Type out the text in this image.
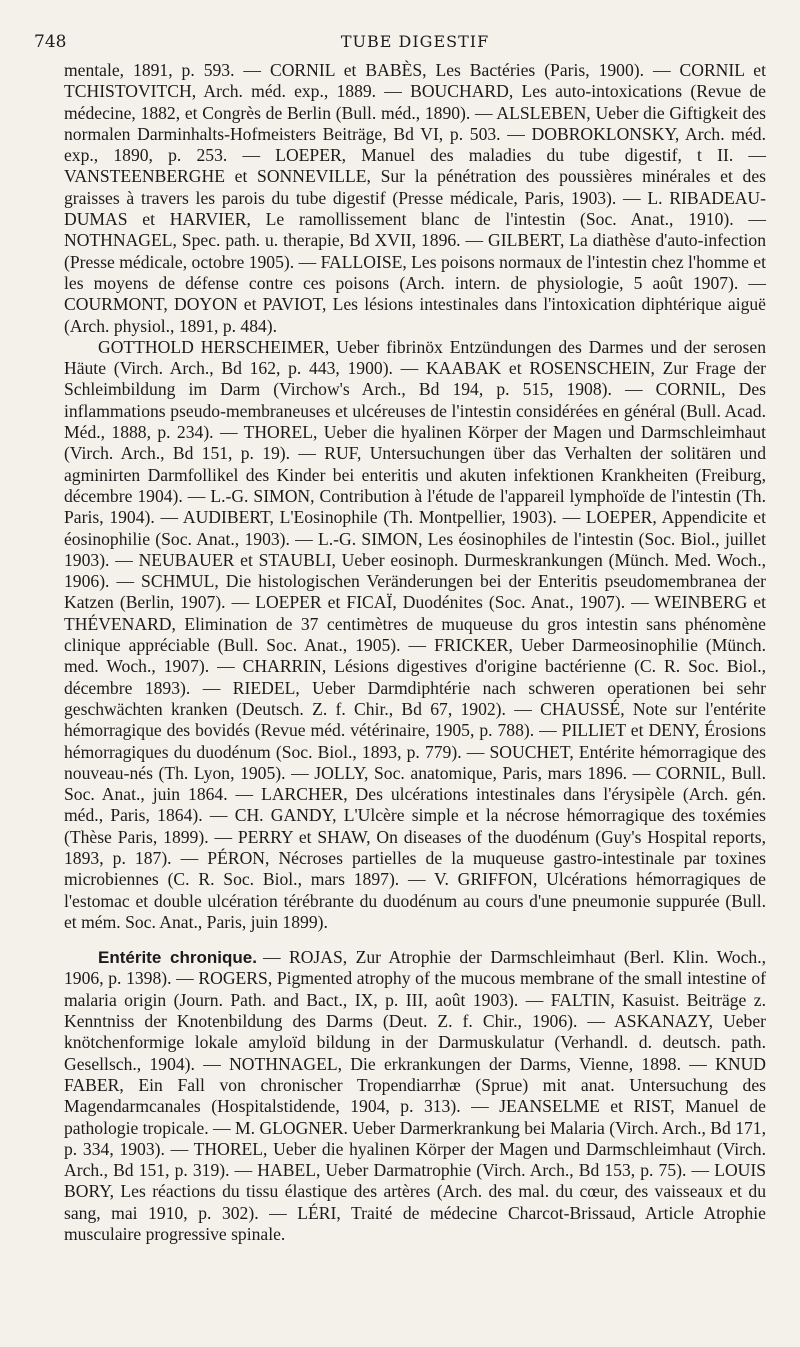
748	TUBE DIGESTIF

mentale, 1891, p. 593. — CORNIL et BABÈS, Les Bactéries (Paris, 1900). — CORNIL et TCHISTOVITCH, Arch. méd. exp., 1889. — BOUCHARD, Les auto-intoxications (Revue de médecine, 1882, et Congrès de Berlin (Bull. méd., 1890). — ALSLEBEN, Ueber die Giftigkeit des normalen Darminhalts-Hofmeisters Beiträge, Bd VI, p. 503. — DOBROKLONSKY, Arch. méd. exp., 1890, p. 253. — LOEPER, Manuel des maladies du tube digestif, t II. — VANSTEENBERGHE et SONNEVILLE, Sur la pénétration des poussières minérales et des graisses à travers les parois du tube digestif (Presse médicale, Paris, 1903). — L. RIBADEAU-DUMAS et HARVIER, Le ramollissement blanc de l'intestin (Soc. Anat., 1910). — NOTHNAGEL, Spec. path. u. therapie, Bd XVII, 1896. — GILBERT, La diathèse d'auto-infection (Presse médicale, octobre 1905). — FALLOISE, Les poisons normaux de l'intestin chez l'homme et les moyens de défense contre ces poisons (Arch. intern. de physiologie, 5 août 1907). — COURMONT, DOYON et PAVIOT, Les lésions intestinales dans l'intoxication diphtérique aiguë (Arch. physiol., 1891, p. 484).

GOTTHOLD HERSCHEIMER, Ueber fibrinöx Entzündungen des Darmes und der serosen Häute (Virch. Arch., Bd 162, p. 443, 1900). — KAABAK et ROSENSCHEIN, Zur Frage der Schleimbildung im Darm (Virchow's Arch., Bd 194, p. 515, 1908). — CORNIL, Des inflammations pseudo-membraneuses et ulcéreuses de l'intestin considérées en général (Bull. Acad. Méd., 1888, p. 234). — THOREL, Ueber die hyalinen Körper der Magen und Darmschleimhaut (Virch. Arch., Bd 151, p. 19). — RUF, Untersuchungen über das Verhalten der solitären und agminirten Darmfollikel des Kinder bei enteritis und akuten infektionen Krankheiten (Freiburg, décembre 1904). — L.-G. SIMON, Contribution à l'étude de l'appareil lymphoïde de l'intestin (Th. Paris, 1904). — AUDIBERT, L'Eosinophile (Th. Montpellier, 1903). — LOEPER, Appendicite et éosinophilie (Soc. Anat., 1903). — L.-G. SIMON, Les éosinophiles de l'intestin (Soc. Biol., juillet 1903). — NEUBAUER et STAUBLI, Ueber eosinoph. Durmeskrankungen (Münch. Med. Woch., 1906). — SCHMUL, Die histologischen Veränderungen bei der Enteritis pseudomembranea der Katzen (Berlin, 1907). — LOEPER et FICAÏ, Duodénites (Soc. Anat., 1907). — WEINBERG et THÉVENARD, Elimination de 37 centimètres de muqueuse du gros intestin sans phénomène clinique appréciable (Bull. Soc. Anat., 1905). — FRICKER, Ueber Darmeosinophilie (Münch. med. Woch., 1907). — CHARRIN, Lésions digestives d'origine bactérienne (C. R. Soc. Biol., décembre 1893). — RIEDEL, Ueber Darmdiphtérie nach schweren operationen bei sehr geschwächten kranken (Deutsch. Z. f. Chir., Bd 67, 1902). — CHAUSSÉ, Note sur l'entérite hémorragique des bovidés (Revue méd. vétérinaire, 1905, p. 788). — PILLIET et DENY, Érosions hémorragiques du duodénum (Soc. Biol., 1893, p. 779). — SOUCHET, Entérite hémorragique des nouveau-nés (Th. Lyon, 1905). — JOLLY, Soc. anatomique, Paris, mars 1896. — CORNIL, Bull. Soc. Anat., juin 1864. — LARCHER, Des ulcérations intestinales dans l'érysipèle (Arch. gén. méd., Paris, 1864). — CH. GANDY, L'Ulcère simple et la nécrose hémorragique des toxémies (Thèse Paris, 1899). — PERRY et SHAW, On diseases of the duodénum (Guy's Hospital reports, 1893, p. 187). — PÉRON, Nécroses partielles de la muqueuse gastro-intestinale par toxines microbiennes (C. R. Soc. Biol., mars 1897). — V. GRIFFON, Ulcérations hémorragiques de l'estomac et double ulcération térébrante du duodénum au cours d'une pneumonie suppurée (Bull. et mém. Soc. Anat., Paris, juin 1899).

Entérite chronique. — ROJAS, Zur Atrophie der Darmschleimhaut (Berl. Klin. Woch., 1906, p. 1398). — ROGERS, Pigmented atrophy of the mucous membrane of the small intestine of malaria origin (Journ. Path. and Bact., IX, p. III, août 1903). — FALTIN, Kasuist. Beiträge z. Kenntniss der Knotenbildung des Darms (Deut. Z. f. Chir., 1906). — ASKANAZY, Ueber knötchenformige lokale amyloïd bildung in der Darmuskulatur (Verhandl. d. deutsch. path. Gesellsch., 1904). — NOTHNAGEL, Die erkrankungen der Darms, Vienne, 1898. — KNUD FABER, Ein Fall von chronischer Tropendiarrhæ (Sprue) mit anat. Untersuchung des Magendarmcanales (Hospitalstidende, 1904, p. 313). — JEANSELME et RIST, Manuel de pathologie tropicale. — M. GLOGNER. Ueber Darmerkrankung bei Malaria (Virch. Arch., Bd 171, p. 334, 1903). — THOREL, Ueber die hyalinen Körper der Magen und Darmschleimhaut (Virch. Arch., Bd 151, p. 319). — HABEL, Ueber Darmatrophie (Virch. Arch., Bd 153, p. 75). — LOUIS BORY, Les réactions du tissu élastique des artères (Arch. des mal. du cœur, des vaisseaux et du sang, mai 1910, p. 302). — LÉRI, Traité de médecine Charcot-Brissaud, Article Atrophie musculaire progressive spinale.
